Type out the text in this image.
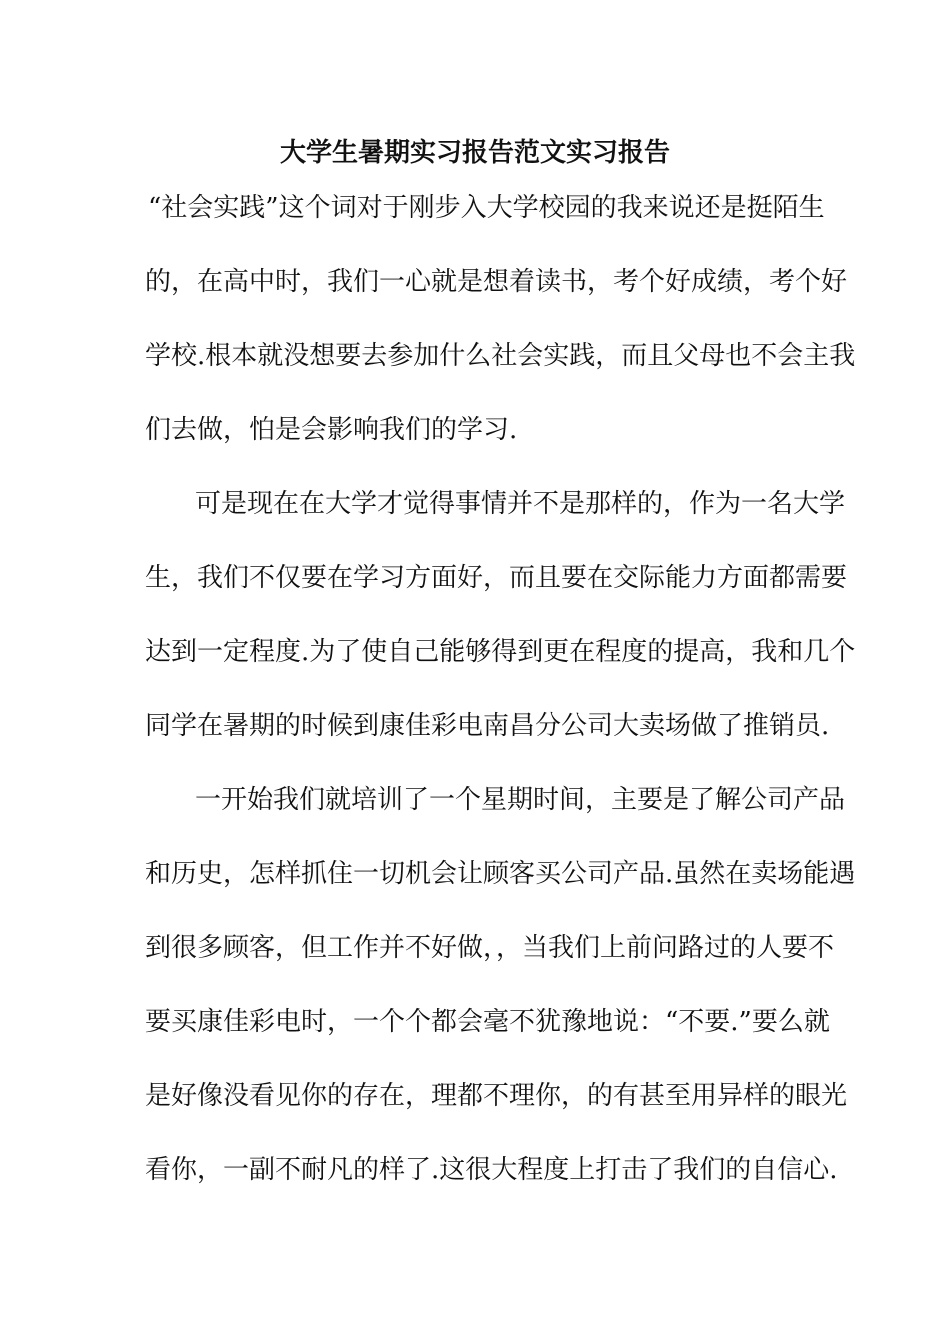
大学生暑期实习报告范文实习报告
“社会实践”这个词对于刚步入大学校园的我来说还是挺陌生
的，在高中时，我们一心就是想着读书，考个好成绩，考个好
学校.根本就没想要去参加什么社会实践，而且父母也不会主我
们去做，怕是会影响我们的学习.
可是现在在大学才觉得事情并不是那样的，作为一名大学
生，我们不仅要在学习方面好，而且要在交际能力方面都需要
达到一定程度.为了使自己能够得到更在程度的提高，我和几个
同学在暑期的时候到康佳彩电南昌分公司大卖场做了推销员.
一开始我们就培训了一个星期时间，主要是了解公司产品
和历史，怎样抓住一切机会让顾客买公司产品.虽然在卖场能遇
到很多顾客，但工作并不好做，，当我们上前问路过的人要不
要买康佳彩电时，一个个都会毫不犹豫地说：“不要.”要么就
是好像没看见你的存在，理都不理你，的有甚至用异样的眼光
看你，一副不耐凡的样了.这很大程度上打击了我们的自信心.
